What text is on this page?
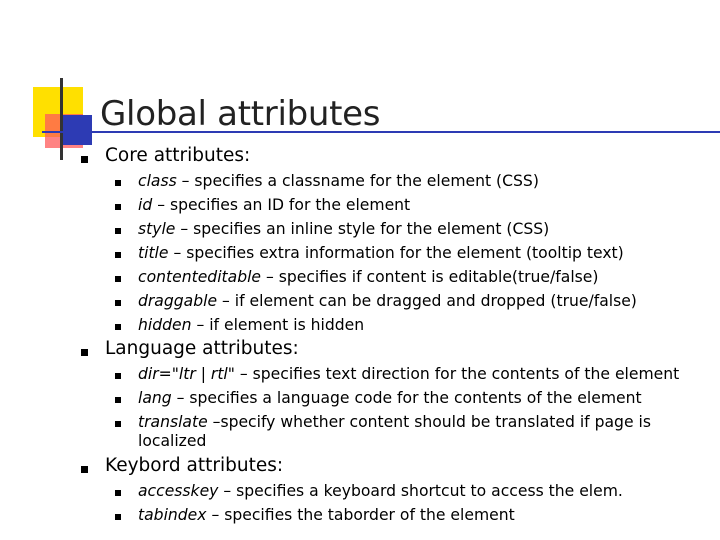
Global attributes
Core attributes:
class – specifies a classname for the element (CSS)
id – specifies an ID for the element
style – specifies an inline style for the element (CSS)
title – specifies extra information for the element (tooltip text)
contenteditable – specifies if content is editable(true/false)
draggable – if element can be dragged and dropped (true/false)
hidden – if element is hidden
Language attributes:
dir="ltr | rtl" – specifies text direction for the contents of the element
lang – specifies a language code for the contents of the element
translate –specify whether content should be translated if page is
localized
Keybord attributes:
accesskey – specifies a keyboard shortcut to access the elem.
tabindex – specifies the taborder of the element
